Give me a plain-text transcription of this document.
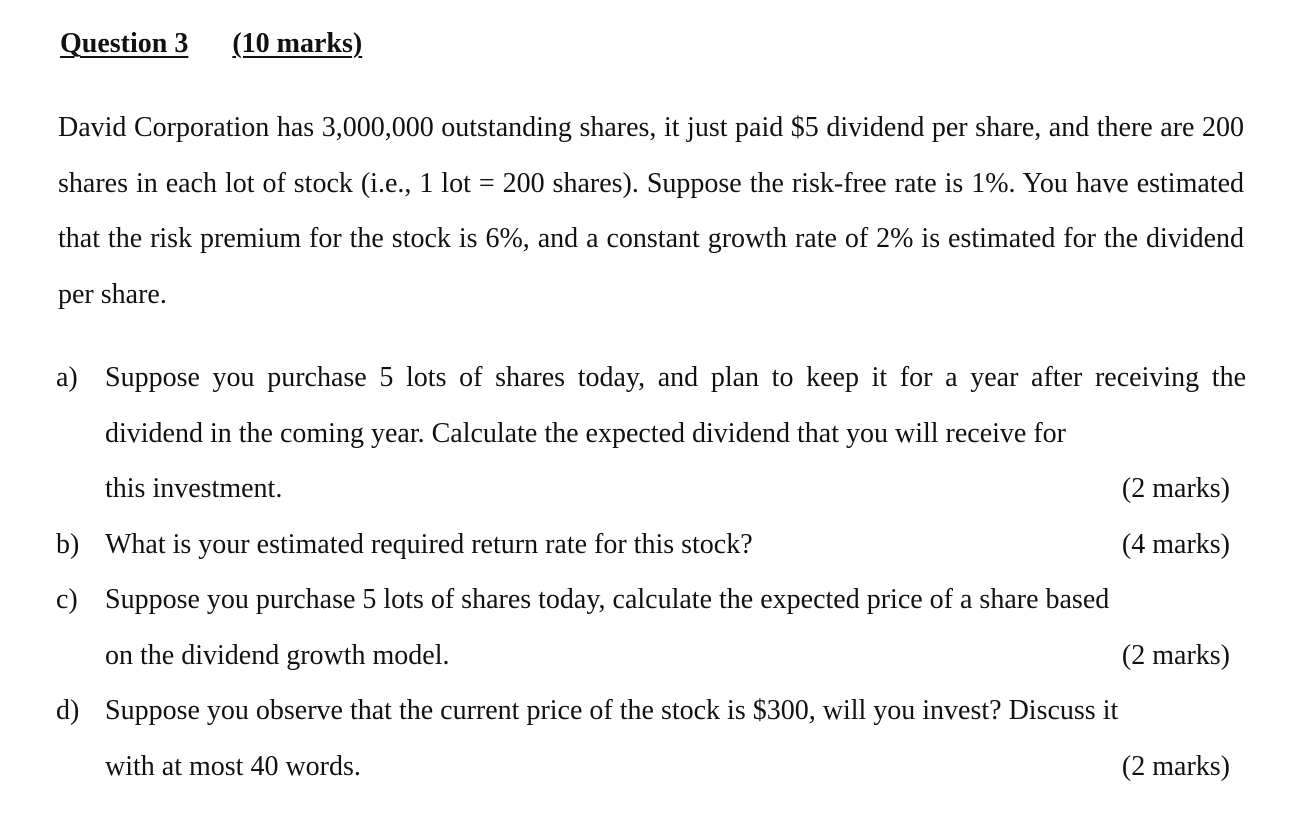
Question 3 (10 marks)
David Corporation has 3,000,000 outstanding shares, it just paid $5 dividend per share, and there are 200 shares in each lot of stock (i.e., 1 lot = 200 shares). Suppose the risk-free rate is 1%. You have estimated that the risk premium for the stock is 6%, and a constant growth rate of 2% is estimated for the dividend per share.
a) Suppose you purchase 5 lots of shares today, and plan to keep it for a year after receiving the dividend in the coming year. Calculate the expected dividend that you will receive for
this investment.	(2 marks)
b) What is your estimated required return rate for this stock?	(4 marks)
c) Suppose you purchase 5 lots of shares today, calculate the expected price of a share based
on the dividend growth model.	(2 marks)
d) Suppose you observe that the current price of the stock is $300, will you invest? Discuss it
with at most 40 words.	(2 marks)
